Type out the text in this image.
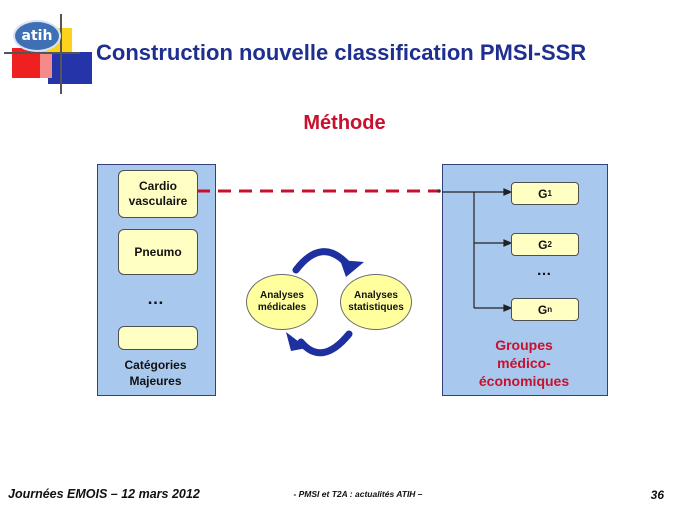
atih
Construction nouvelle classification PMSI-SSR
Méthode
Cardio vasculaire
Pneumo
…
Catégories
Majeures
Analyses
médicales
Analyses
statistiques
G 1
G 2
…
G n
Groupes
médico-
économiques
Journées EMOIS – 12 mars 2012	- PMSI et T2A : actualités ATIH –	36
